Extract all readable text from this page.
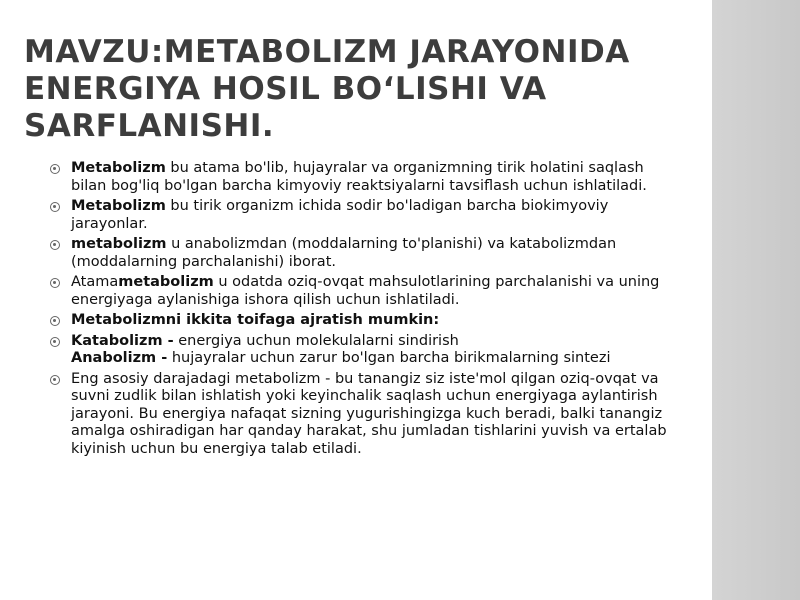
MAVZU:METABOLIZM JARAYONIDA ENERGIYA HOSIL BO‘LISHI VA SARFLANISHI.
Metabolizm bu atama bo'lib, hujayralar va organizmning tirik holatini saqlash bilan bog'liq bo'lgan barcha kimyoviy reaktsiyalarni tavsiflash uchun ishlatiladi.
Metabolizm bu tirik organizm ichida sodir bo'ladigan barcha biokimyoviy jarayonlar.
metabolizm u anabolizmdan (moddalarning to'planishi) va katabolizmdan (moddalarning parchalanishi) iborat.
Atamametabolizm u odatda oziq-ovqat mahsulotlarining parchalanishi va uning energiyaga aylanishiga ishora qilish uchun ishlatiladi.
Metabolizmni ikkita toifaga ajratish mumkin:
Katabolizm - energiya uchun molekulalarni sindirish
Anabolizm - hujayralar uchun zarur bo'lgan barcha birikmalarning sintezi
Eng asosiy darajadagi metabolizm - bu tanangiz siz iste'mol qilgan oziq-ovqat va suvni zudlik bilan ishlatish yoki keyinchalik saqlash uchun energiyaga aylantirish jarayoni. Bu energiya nafaqat sizning yugurishingizga kuch beradi, balki tanangiz amalga oshiradigan har qanday harakat, shu jumladan tishlarini yuvish va ertalab kiyinish uchun bu energiya talab etiladi.
